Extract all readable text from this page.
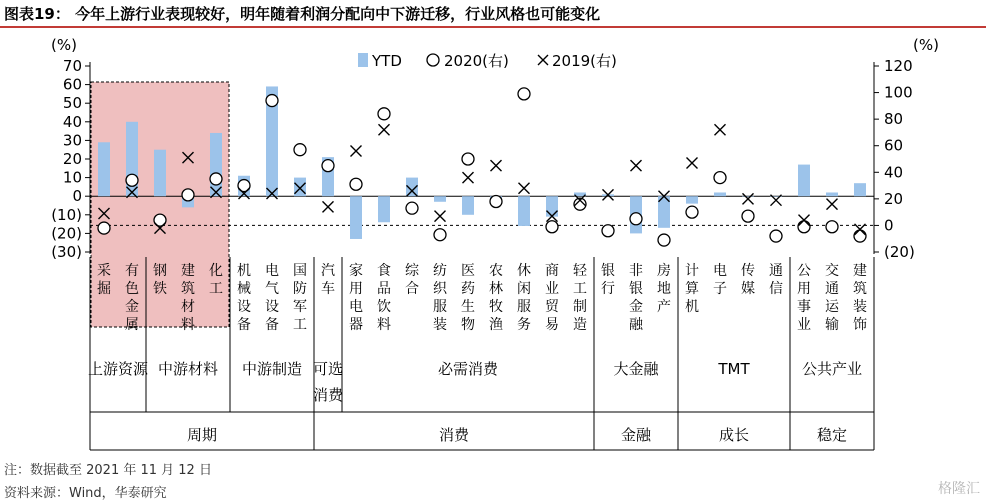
图表19： 今年上游行业表现较好，明年随着利润分配向中下游迁移，行业风格也可能变化
70
60
50
40
30
20
10
0
(10)
(20)
(30)
(%)
120
100
80
60
40
20
0
(20)
(%)
YTD	2020(右)	2019(右)
采掘
有色金属
钢铁
建筑材料
化工
机械设备
电气设备
国防军工
汽车
家用电器
食品饮料
综合
纺织服装
医药生物
农林牧渔
休闲服务
商业贸易
轻工制造
银行
非银金融
房地产
计算机
电子
传媒
通信
公用事业
交通运输
建筑装饰
上游资源 中游材料 中游制造 可选
消费
必需消费	大金融	TMT	公共产业
周期	消费	金融	成长	稳定
注：数据截至 2021 年 11 月 12 日
资料来源：Wind，华泰研究	格隆汇
